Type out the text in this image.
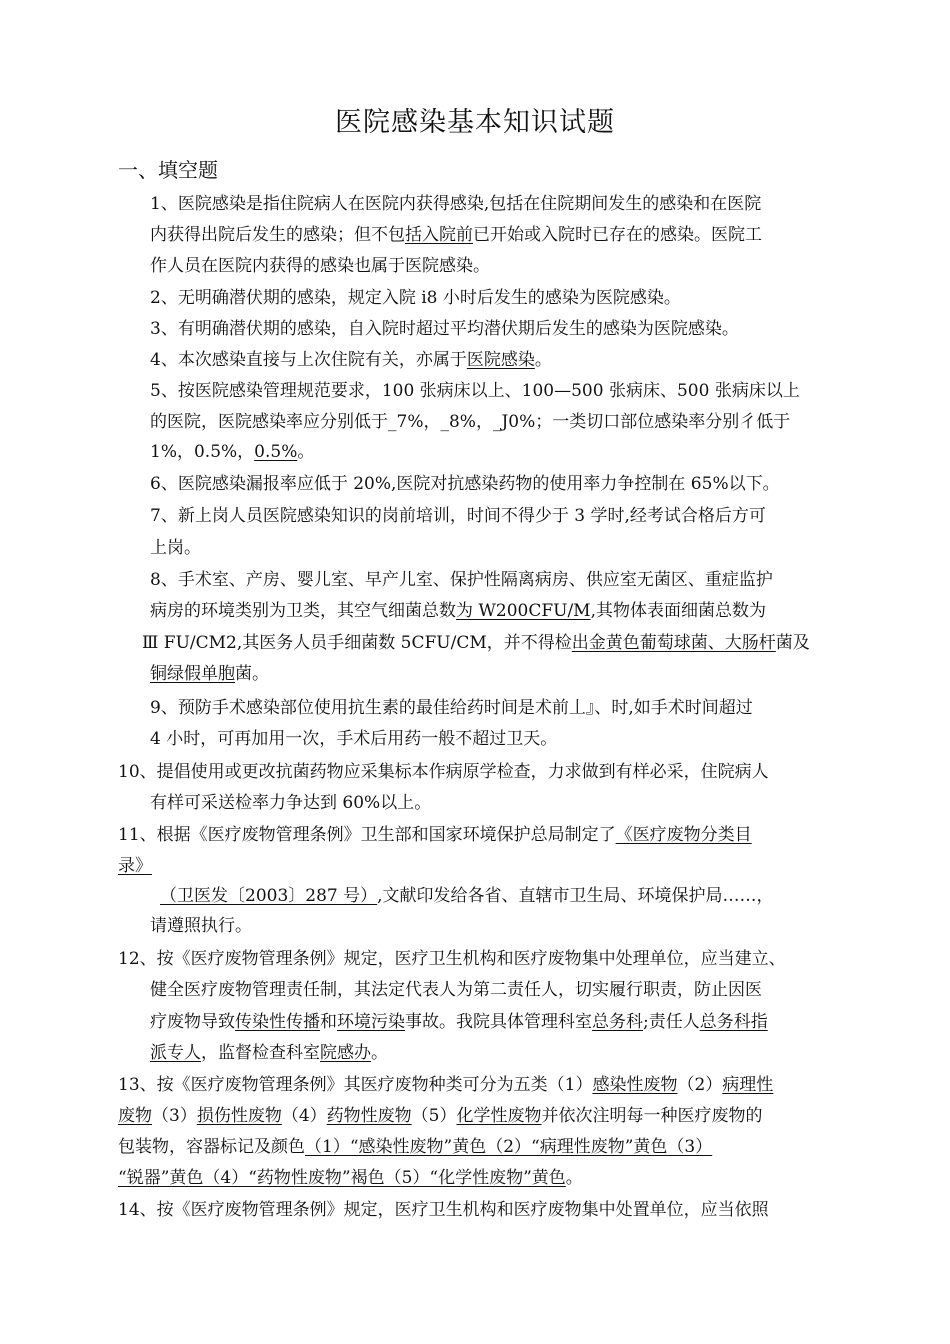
医院感染基本知识试题
一、填空题
1、医院感染是指住院病人在医院内获得感染,包括在住院期间发生的感染和在医院
内获得出院后发生的感染；但不包括入院前已开始或入院时已存在的感染。医院工
作人员在医院内获得的感染也属于医院感染。
2、无明确潜伏期的感染，规定入院 i8 小时后发生的感染为医院感染。
3、有明确潜伏期的感染，自入院时超过平均潜伏期后发生的感染为医院感染。
4、本次感染直接与上次住院有关，亦属于医院感染。
5、按医院感染管理规范要求，100 张病床以上、100—500 张病床、500 张病床以上
的医院，医院感染率应分别低于_7%，_8%，_J0%；一类切口部位感染率分别彳低于
1%，0.5%，0.5%。
6、医院感染漏报率应低于 20%,医院对抗感染药物的使用率力争控制在 65%以下。
7、新上岗人员医院感染知识的岗前培训，时间不得少于 3 学时,经考试合格后方可
上岗。
8、手术室、产房、婴儿室、早产儿室、保护性隔离病房、供应室无菌区、重症监护
病房的环境类别为卫类，其空气细菌总数为 W200CFU/M,其物体表面细菌总数为
Ⅲ FU/CM2,其医务人员手细菌数 5CFU/CM，并不得检出金黄色葡萄球菌、大肠杆菌及
铜绿假单胞菌。
9、预防手术感染部位使用抗生素的最佳给药时间是术前丄』、时,如手术时间超过
4 小时，可再加用一次，手术后用药一般不超过卫天。
10、提倡使用或更改抗菌药物应采集标本作病原学检查，力求做到有样必采，住院病人
有样可采送检率力争达到 60%以上。
11、根据《医疗废物管理条例》卫生部和国家环境保护总局制定了《医疗废物分类目
录》
（卫医发〔2003〕287 号）,文献印发给各省、直辖市卫生局、环境保护局……，
请遵照执行。
12、按《医疗废物管理条例》规定，医疗卫生机构和医疗废物集中处理单位，应当建立、
健全医疗废物管理责任制，其法定代表人为第二责任人，切实履行职责，防止因医
疗废物导致传染性传播和环境污染事故。我院具体管理科室总务科;责任人总务科指
派专人，监督检查科室院感办。
13、按《医疗废物管理条例》其医疗废物种类可分为五类（1）感染性废物（2）病理性
废物（3）损伤性废物（4）药物性废物（5）化学性废物并依次注明每一种医疗废物的
包装物，容器标记及颜色（1）“感染性废物”黄色（2）“病理性废物”黄色（3）
“锐器”黄色（4）“药物性废物”褐色（5）“化学性废物”黄色。
14、按《医疗废物管理条例》规定，医疗卫生机构和医疗废物集中处置单位，应当依照
